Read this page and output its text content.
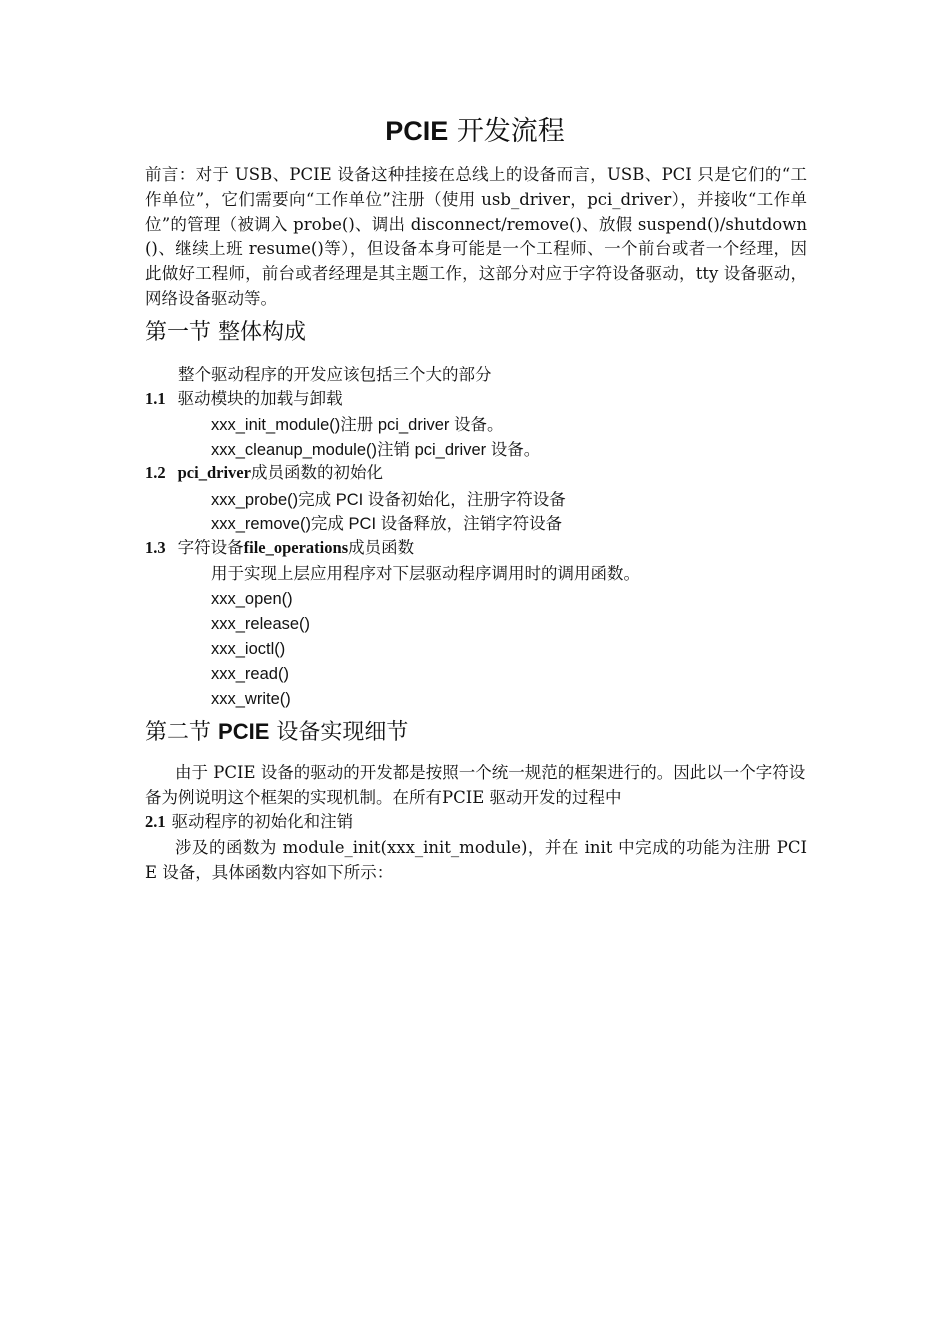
PCIE 开发流程
前言：对于 USB、PCIE 设备这种挂接在总线上的设备而言，USB、PCI 只是它们的“工作单位”，它们需要向“工作单位”注册（使用 usb_driver，pci_driver），并接收“工作单位”的管理（被调入 probe()、调出 disconnect/remove()、放假 suspend()/shutdown()、继续上班 resume()等），但设备本身可能是一个工程师、一个前台或者一个经理，因此做好工程师，前台或者经理是其主题工作，这部分对应于字符设备驱动，tty 设备驱动，网络设备驱动等。
第一节 整体构成
整个驱动程序的开发应该包括三个大的部分
1.1 驱动模块的加载与卸载
xxx_init_module()注册 pci_driver 设备。
xxx_cleanup_module()注销 pci_driver 设备。
1.2 pci_driver成员函数的初始化
xxx_probe()完成 PCI 设备初始化，注册字符设备
xxx_remove()完成 PCI 设备释放，注销字符设备
1.3 字符设备file_operations成员函数
用于实现上层应用程序对下层驱动程序调用时的调用函数。
xxx_open()
xxx_release()
xxx_ioctl()
xxx_read()
xxx_write()
第二节 PCIE 设备实现细节
由于 PCIE 设备的驱动的开发都是按照一个统一规范的框架进行的。因此以一个字符设备为例说明这个框架的实现机制。在所有PCIE 驱动开发的过程中
2.1 驱动程序的初始化和注销
涉及的函数为 module_init(xxx_init_module)，并在 init 中完成的功能为注册 PCIE 设备，具体函数内容如下所示：
